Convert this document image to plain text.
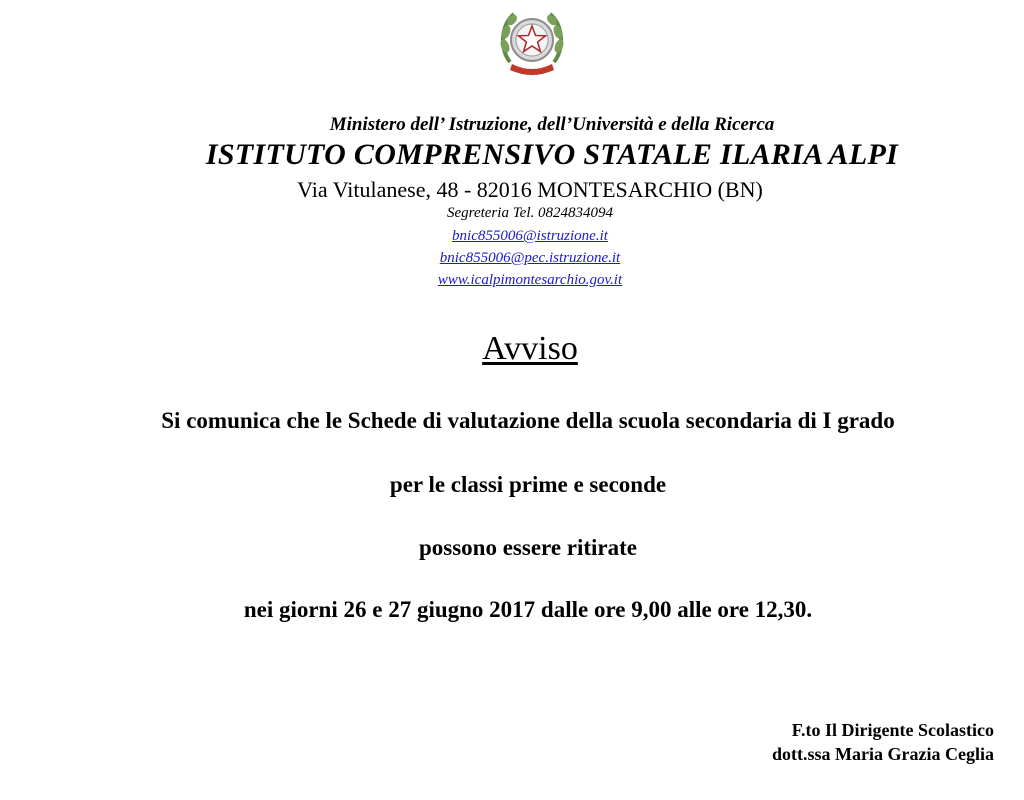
Ministero dell’ Istruzione, dell’Università e della Ricerca
ISTITUTO COMPRENSIVO STATALE ILARIA ALPI
Via Vitulanese, 48 - 82016 MONTESARCHIO (BN)
Segreteria Tel. 0824834094
bnic855006@istruzione.it
bnic855006@pec.istruzione.it
www.icalpimontesarchio.gov.it
Avviso
Si comunica che le Schede di valutazione della scuola secondaria di I grado
per le classi prime e seconde
possono essere ritirate
nei giorni 26 e 27 giugno 2017 dalle ore 9,00 alle ore 12,30.
F.to Il Dirigente Scolastico
dott.ssa Maria Grazia Ceglia
